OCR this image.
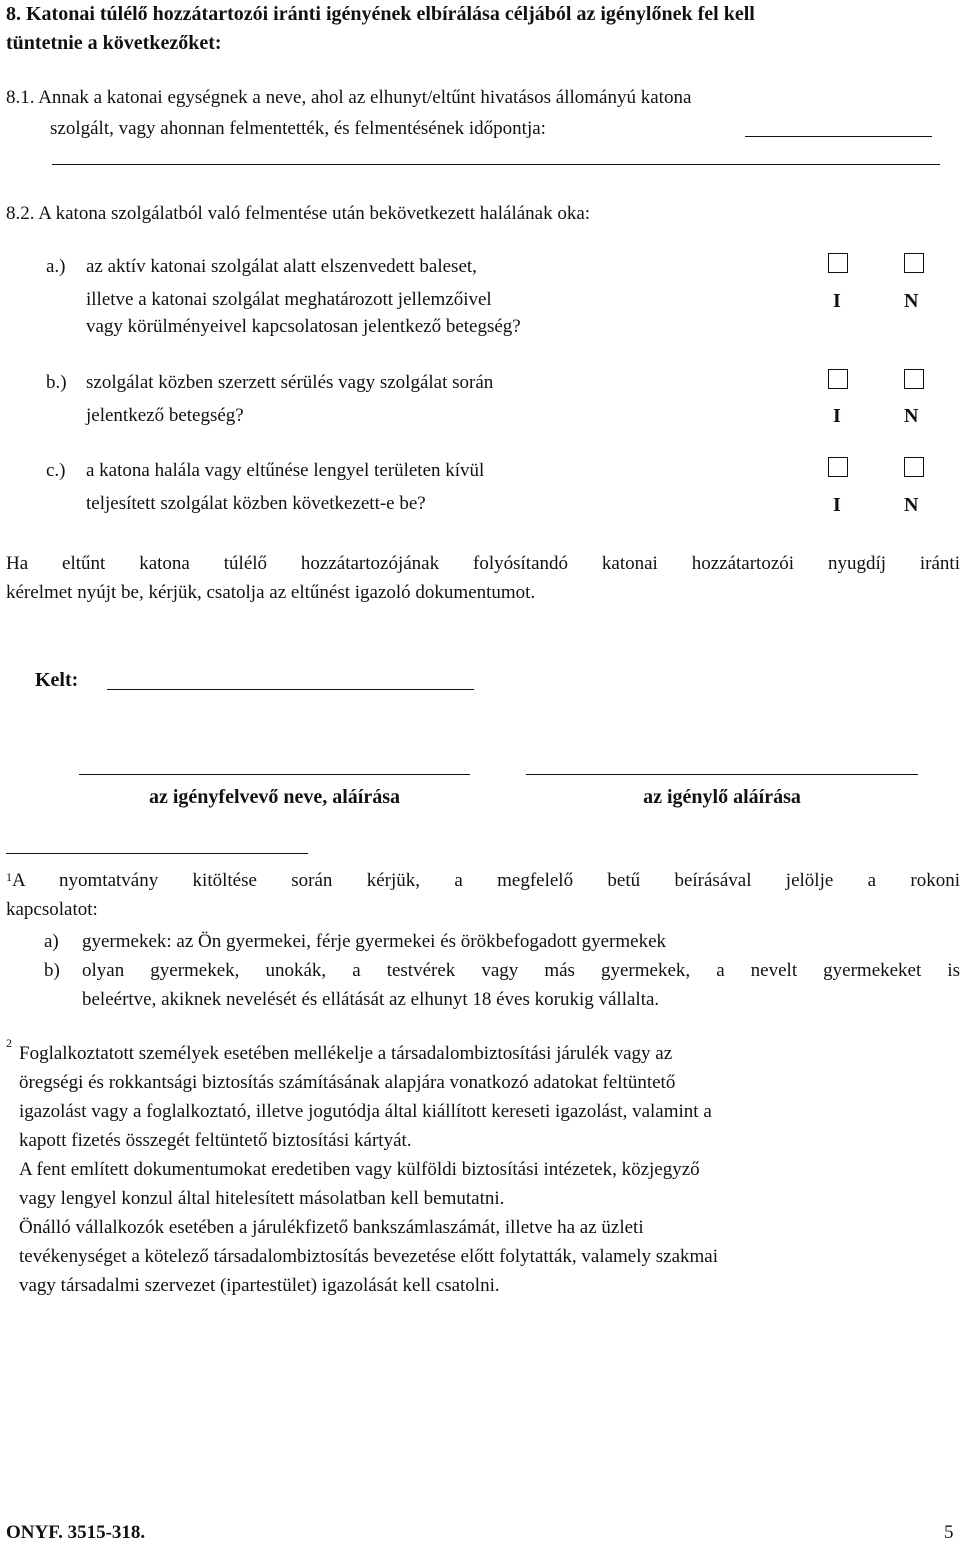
8. Katonai túlélő hozzátartozói iránti igényének elbírálása céljából az igénylőnek fel kell
tüntetnie a következőket:
8.1. Annak a katonai egységnek a neve, ahol az elhunyt/eltűnt hivatásos állományú katona
szolgált, vagy ahonnan felmentették, és felmentésének időpontja:
8.2. A katona szolgálatból való felmentése után bekövetkezett halálának oka:
a.) az aktív katonai szolgálat alatt elszenvedett baleset,
illetve a katonai szolgálat meghatározott jellemzőivel
vagy körülményeivel kapcsolatosan jelentkező betegség?
I	N
b.) szolgálat közben szerzett sérülés vagy szolgálat során
jelentkező betegség?	I	N
c.) a katona halála vagy eltűnése lengyel területen kívül
teljesített szolgálat közben következett-e be?	I	N
Ha eltűnt katona túlélő hozzátartozójának folyósítandó katonai hozzátartozói nyugdíj iránti
kérelmet nyújt be, kérjük, csatolja az eltűnést igazoló dokumentumot.
Kelt:
az igényfelvevő neve, aláírása	az igénylő aláírása
$^1$A nyomtatvány kitöltése során kérjük, a megfelelő betű beírásával jelölje a rokoni
kapcsolatot:
a) gyermekek: az Ön gyermekei, férje gyermekei és örökbefogadott gyermekek
b) olyan gyermekek, unokák, a testvérek vagy más gyermekek, a nevelt gyermekeket is
beleértve, akiknek nevelését és ellátását az elhunyt 18 éves korukig vállalta.
2 Foglalkoztatott személyek esetében mellékelje a társadalombiztosítási járulék vagy az
öregségi és rokkantsági biztosítás számításának alapjára vonatkozó adatokat feltüntető
igazolást vagy a foglalkoztató, illetve jogutódja által kiállított kereseti igazolást, valamint a
kapott fizetés összegét feltüntető biztosítási kártyát.
A fent említett dokumentumokat eredetiben vagy külföldi biztosítási intézetek, közjegyző
vagy lengyel konzul által hitelesített másolatban kell bemutatni.
Önálló vállalkozók esetében a járulékfizető bankszámlaszámát, illetve ha az üzleti
tevékenységet a kötelező társadalombiztosítás bevezetése előtt folytatták, valamely szakmai
vagy társadalmi szervezet (ipartestület) igazolását kell csatolni.
ONYF. 3515-318.	5
